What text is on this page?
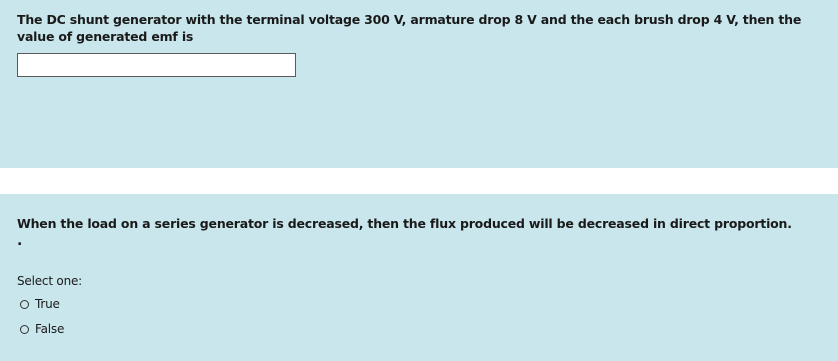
The DC shunt generator with the terminal voltage 300 V, armature drop 8 V and the each brush drop 4 V, then the value of generated emf is
When the load on a series generator is decreased, then the flux produced will be decreased in direct proportion.
.
Select one:
True
False
